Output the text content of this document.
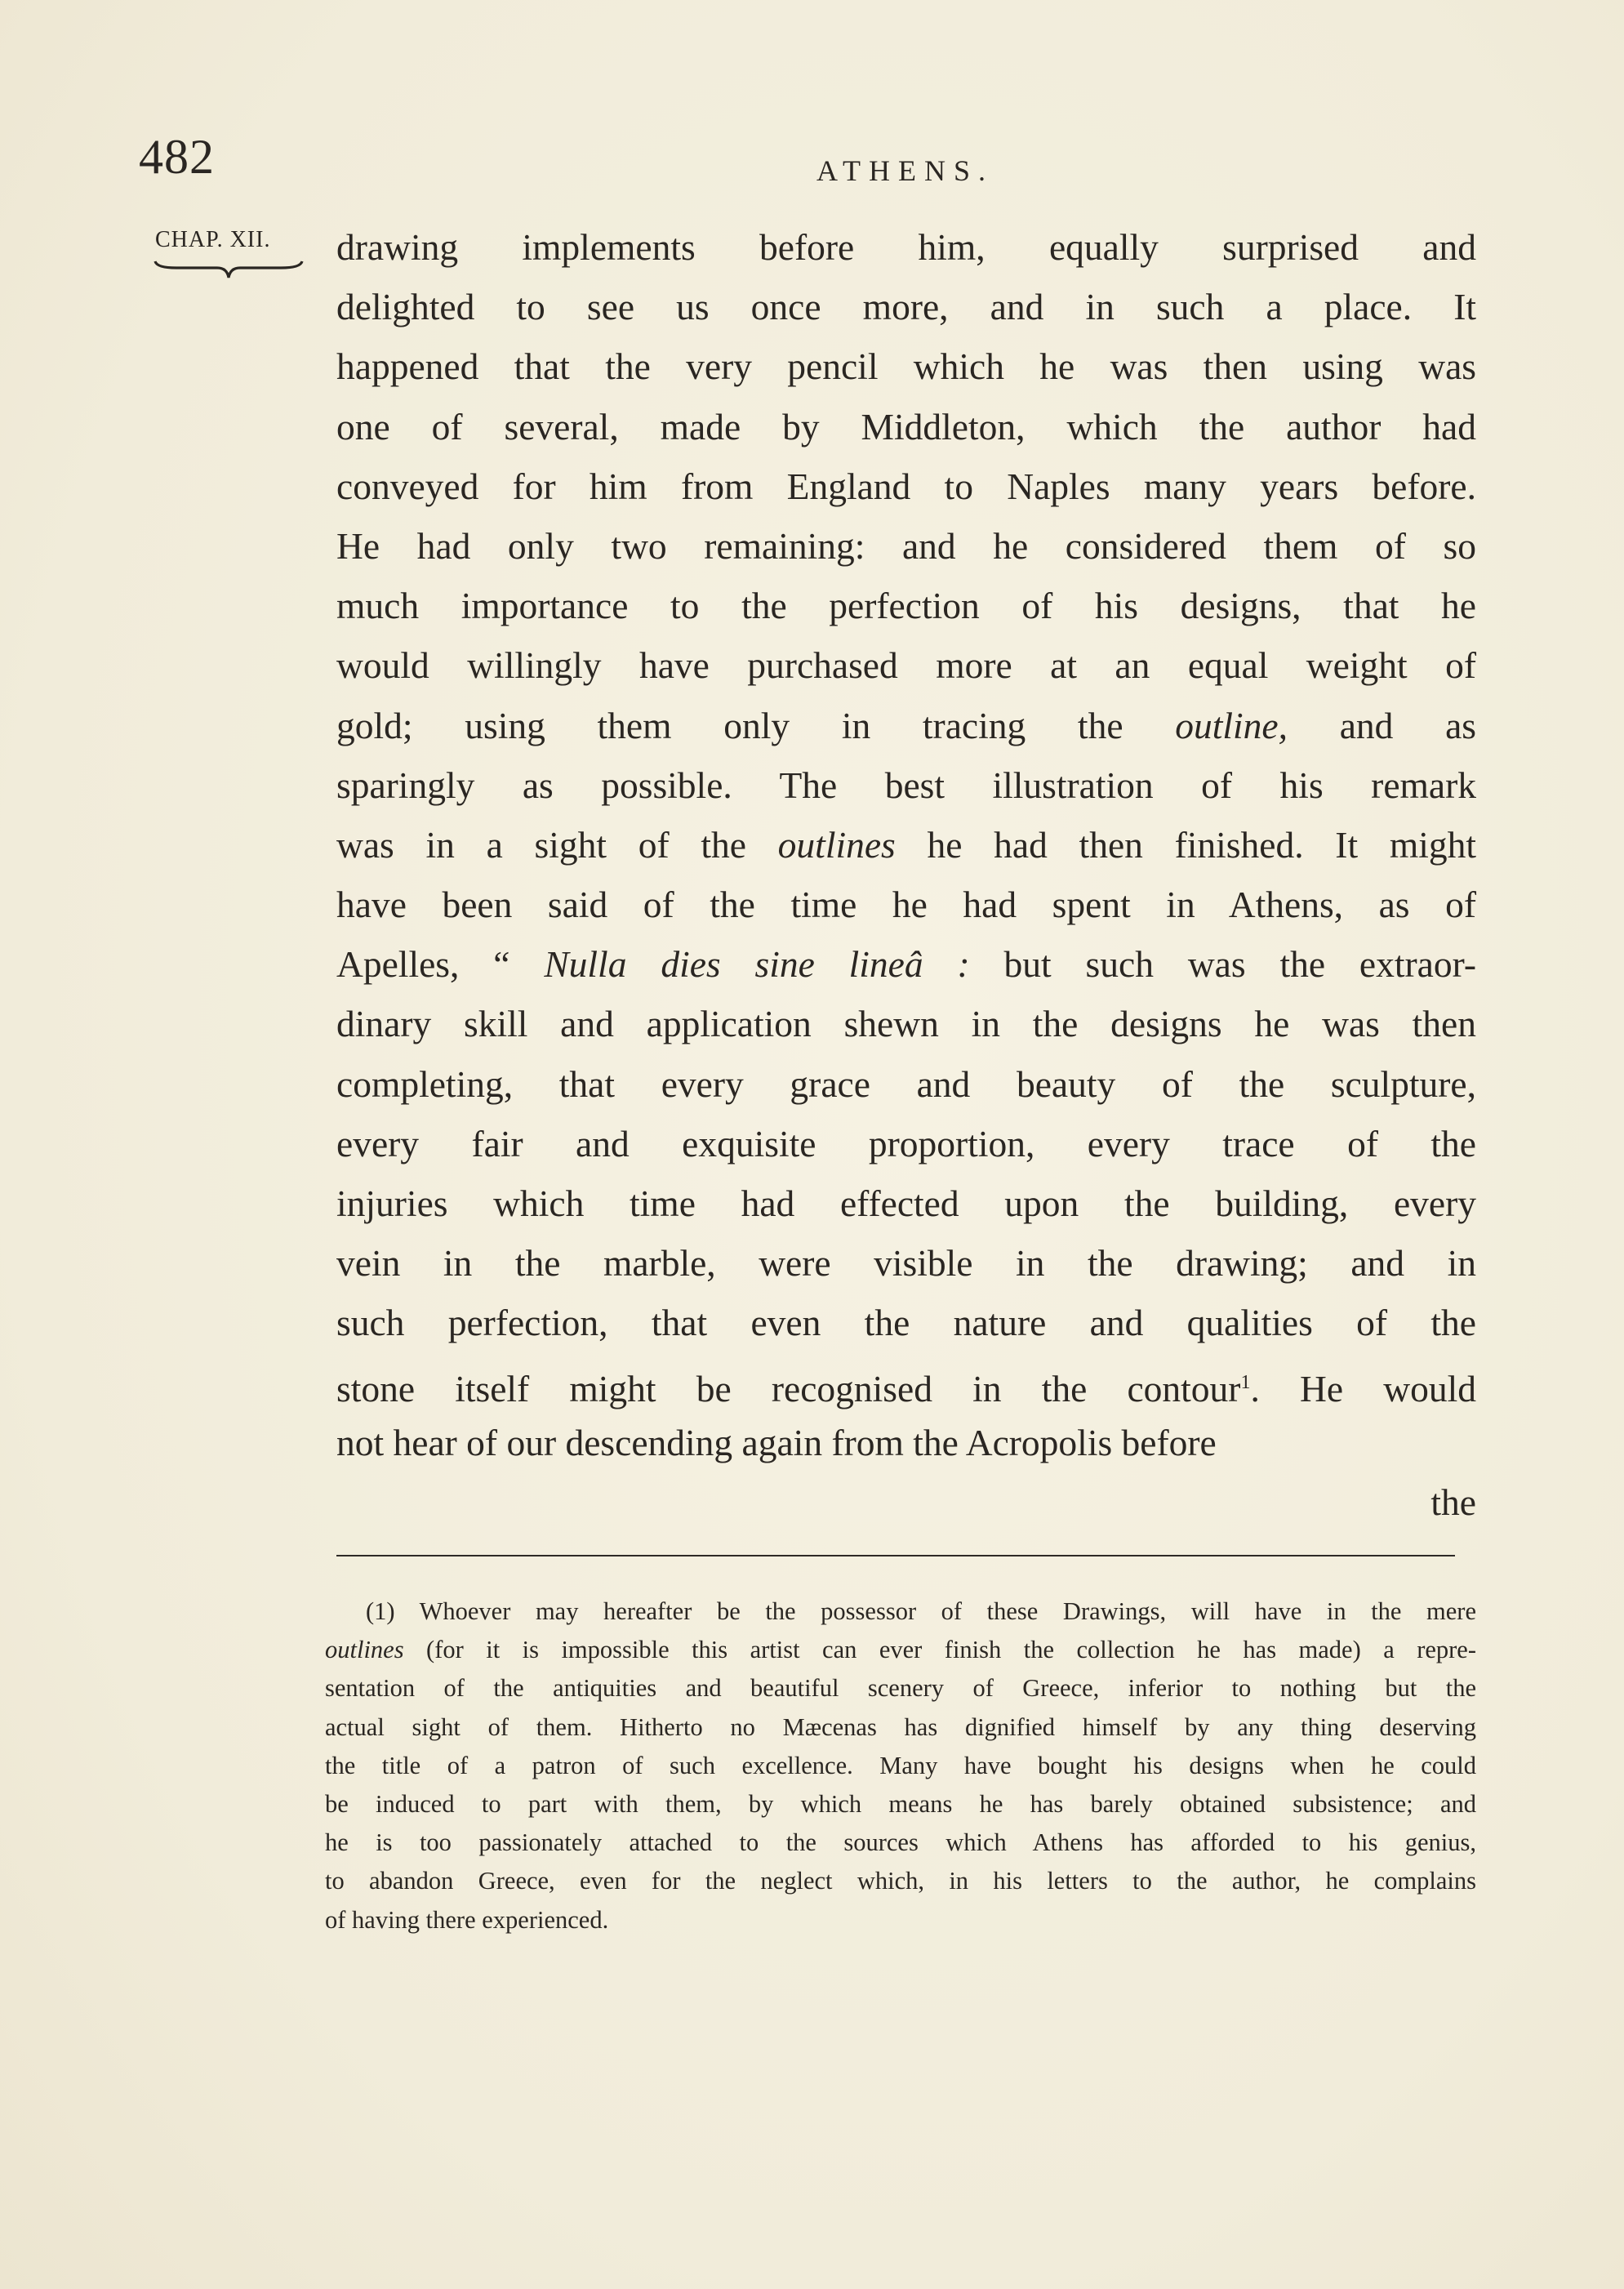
482	ATHENS.
CHAP. XII. drawing implements before him, equally surprised and
delighted to see us once more, and in such a place. It
happened that the very pencil which he was then using was
one of several, made by Middleton, which the author had
conveyed for him from England to Naples many years before.
He had only two remaining: and he considered them of so
much importance to the perfection of his designs, that he
would willingly have purchased more at an equal weight of
gold; using them only in tracing the outline, and as
sparingly as possible. The best illustration of his remark
was in a sight of the outlines he had then finished. It might
have been said of the time he had spent in Athens, as of
Apelles, “ Nulla dies sine lineâ : but such was the extraor-
dinary skill and application shewn in the designs he was then
completing, that every grace and beauty of the sculpture,
every fair and exquisite proportion, every trace of the
injuries which time had effected upon the building, every
vein in the marble, were visible in the drawing; and in
such perfection, that even the nature and qualities of the
stone itself might be recognised in the contour$^1$. He would
not hear of our descending again from the Acropolis before
the
(1) Whoever may hereafter be the possessor of these Drawings, will have in the mere
outlines (for it is impossible this artist can ever finish the collection he has made) a repre-
sentation of the antiquities and beautiful scenery of Greece, inferior to nothing but the
actual sight of them. Hitherto no Mæcenas has dignified himself by any thing deserving
the title of a patron of such excellence. Many have bought his designs when he could
be induced to part with them, by which means he has barely obtained subsistence; and
he is too passionately attached to the sources which Athens has afforded to his genius,
to abandon Greece, even for the neglect which, in his letters to the author, he complains
of having there experienced.
